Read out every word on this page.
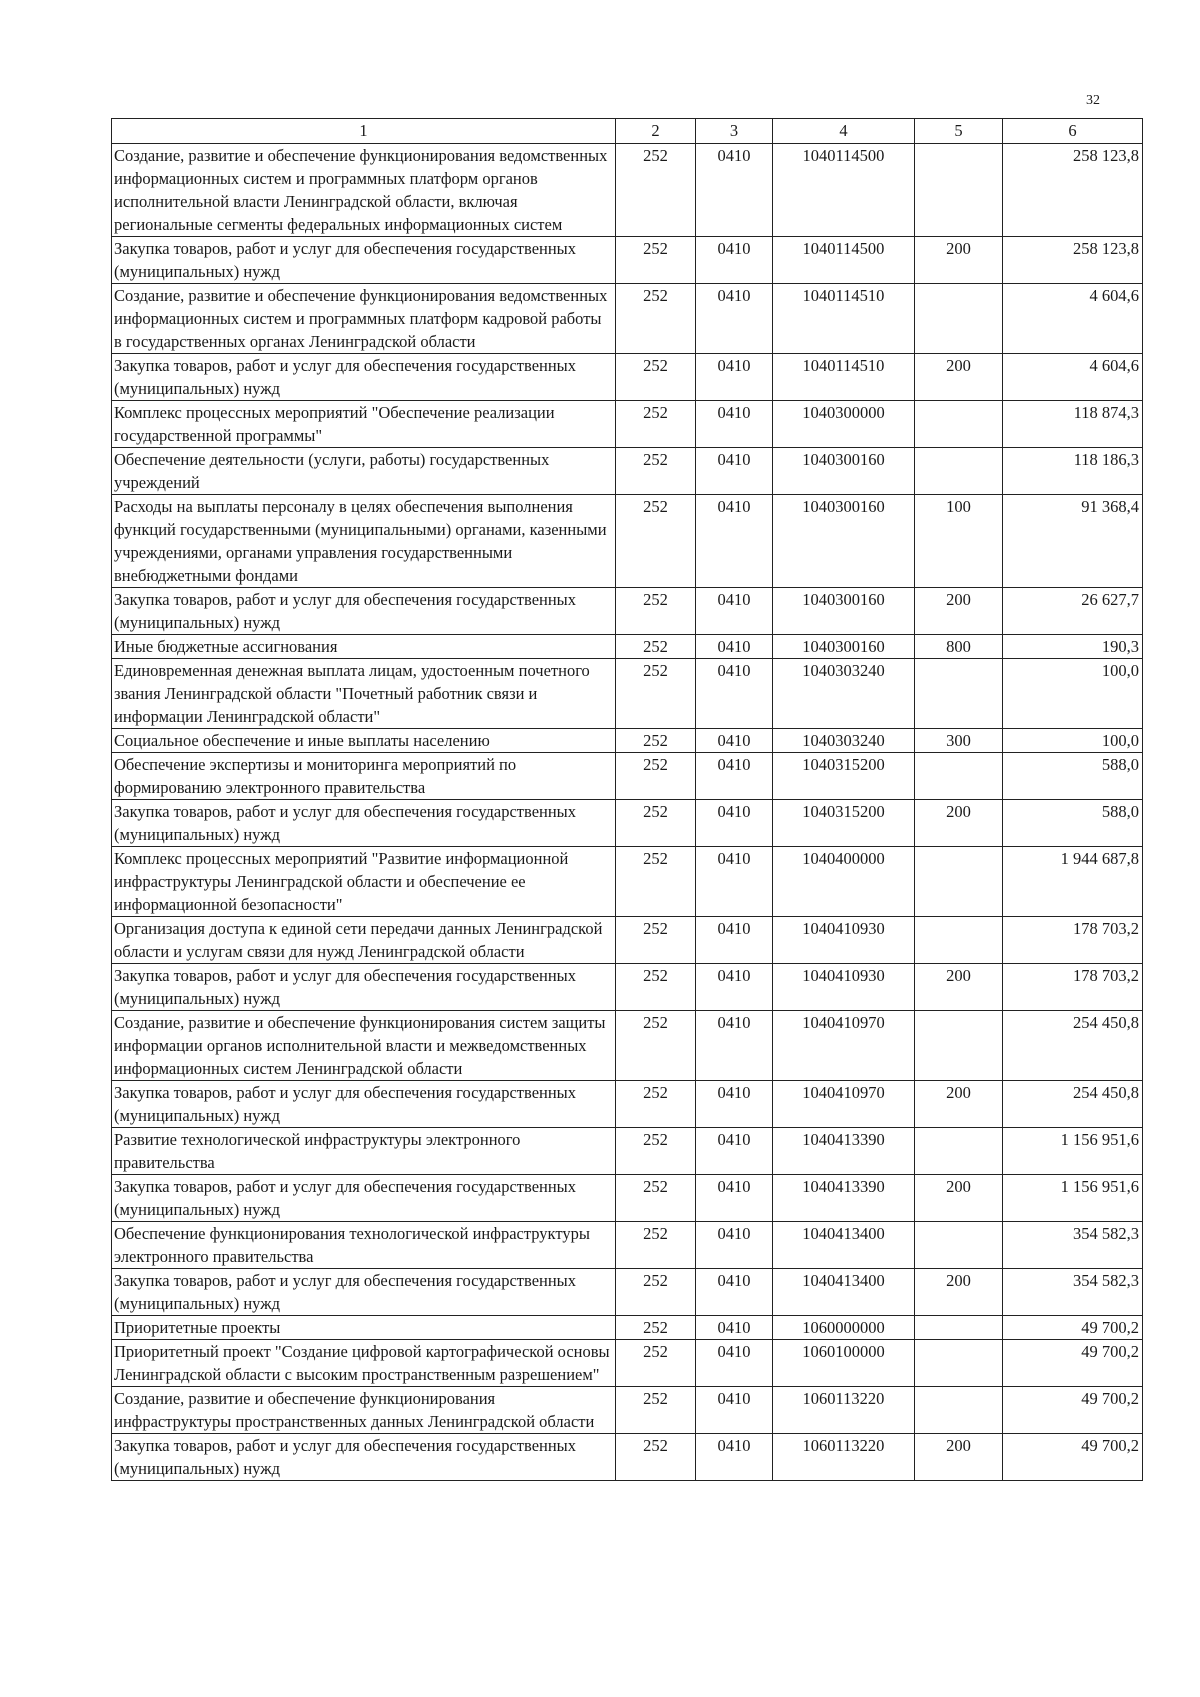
32
1	2	3	4	5	6
Создание, развитие и обеспечение функционирования ведомственных информационных систем и программных платформ органов исполнительной власти Ленинградской области, включая региональные сегменты федеральных информационных систем	252	0410	1040114500		258 123,8
Закупка товаров, работ и услуг для обеспечения государственных (муниципальных) нужд	252	0410	1040114500	200	258 123,8
Создание, развитие и обеспечение функционирования ведомственных информационных систем и программных платформ кадровой работы в государственных органах Ленинградской области	252	0410	1040114510		4 604,6
Закупка товаров, работ и услуг для обеспечения государственных (муниципальных) нужд	252	0410	1040114510	200	4 604,6
Комплекс процессных мероприятий "Обеспечение реализации государственной программы"	252	0410	1040300000		118 874,3
Обеспечение деятельности (услуги, работы) государственных учреждений	252	0410	1040300160		118 186,3
Расходы на выплаты персоналу в целях обеспечения выполнения функций государственными (муниципальными) органами, казенными учреждениями, органами управления государственными внебюджетными фондами	252	0410	1040300160	100	91 368,4
Закупка товаров, работ и услуг для обеспечения государственных (муниципальных) нужд	252	0410	1040300160	200	26 627,7
Иные бюджетные ассигнования	252	0410	1040300160	800	190,3
Единовременная денежная выплата лицам, удостоенным почетного звания Ленинградской области "Почетный работник связи и информации Ленинградской области"	252	0410	1040303240		100,0
Социальное обеспечение и иные выплаты населению	252	0410	1040303240	300	100,0
Обеспечение экспертизы и мониторинга мероприятий по формированию электронного правительства	252	0410	1040315200		588,0
Закупка товаров, работ и услуг для обеспечения государственных (муниципальных) нужд	252	0410	1040315200	200	588,0
Комплекс процессных мероприятий "Развитие информационной инфраструктуры Ленинградской области и обеспечение ее информационной безопасности"	252	0410	1040400000		1 944 687,8
Организация доступа к единой сети передачи данных Ленинградской области и услугам связи для нужд Ленинградской области	252	0410	1040410930		178 703,2
Закупка товаров, работ и услуг для обеспечения государственных (муниципальных) нужд	252	0410	1040410930	200	178 703,2
Создание, развитие и обеспечение функционирования систем защиты информации органов исполнительной власти и межведомственных информационных систем Ленинградской области	252	0410	1040410970		254 450,8
Закупка товаров, работ и услуг для обеспечения государственных (муниципальных) нужд	252	0410	1040410970	200	254 450,8
Развитие технологической инфраструктуры электронного правительства	252	0410	1040413390		1 156 951,6
Закупка товаров, работ и услуг для обеспечения государственных (муниципальных) нужд	252	0410	1040413390	200	1 156 951,6
Обеспечение функционирования технологической инфраструктуры электронного правительства	252	0410	1040413400		354 582,3
Закупка товаров, работ и услуг для обеспечения государственных (муниципальных) нужд	252	0410	1040413400	200	354 582,3
Приоритетные проекты	252	0410	1060000000		49 700,2
Приоритетный проект "Создание цифровой картографической основы Ленинградской области с высоким пространственным разрешением"	252	0410	1060100000		49 700,2
Создание, развитие и обеспечение функционирования инфраструктуры пространственных данных Ленинградской области	252	0410	1060113220		49 700,2
Закупка товаров, работ и услуг для обеспечения государственных (муниципальных) нужд	252	0410	1060113220	200	49 700,2
